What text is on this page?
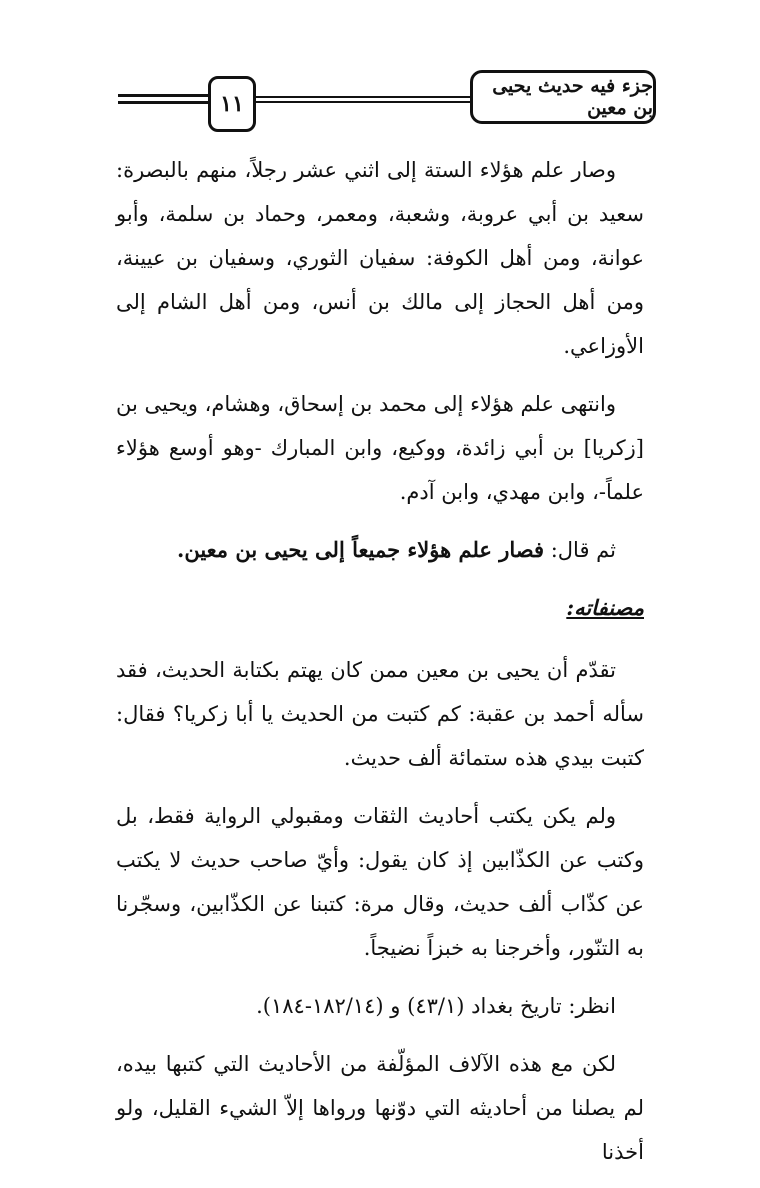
١١
جزء فيه حديث يحيى بن معين

وصار علم هؤلاء الستة إلى اثني عشر رجلاً، منهم بالبصرة: سعيد بن أبي عروبة، وشعبة، ومعمر، وحماد بن سلمة، وأبو عوانة، ومن أهل الكوفة: سفيان الثوري، وسفيان بن عيينة، ومن أهل الحجاز إلى مالك بن أنس، ومن أهل الشام إلى الأوزاعي.

وانتهى علم هؤلاء إلى محمد بن إسحاق، وهشام، ويحيى بن [زكريا] بن أبي زائدة، ووكيع، وابن المبارك -وهو أوسع هؤلاء علماً-، وابن مهدي، وابن آدم.

ثم قال: فصار علم هؤلاء جميعاً إلى يحيى بن معين.

مصنفاته:

تقدّم أن يحيى بن معين ممن كان يهتم بكتابة الحديث، فقد سأله أحمد بن عقبة: كم كتبت من الحديث يا أبا زكريا؟ فقال: كتبت بيدي هذه ستمائة ألف حديث.

ولم يكن يكتب أحاديث الثقات ومقبولي الرواية فقط، بل وكتب عن الكذّابين إذ كان يقول: وأيّ صاحب حديث لا يكتب عن كذّاب ألف حديث، وقال مرة: كتبنا عن الكذّابين، وسجّرنا به التنّور، وأخرجنا به خبزاً نضيجاً.

انظر: تاريخ بغداد (٤٣/١) و (١٨٢/١٤-١٨٤).

لكن مع هذه الآلاف المؤلّفة من الأحاديث التي كتبها بيده، لم يصلنا من أحاديثه التي دوّنها ورواها إلاّ الشيء القليل، ولو أخذنا
